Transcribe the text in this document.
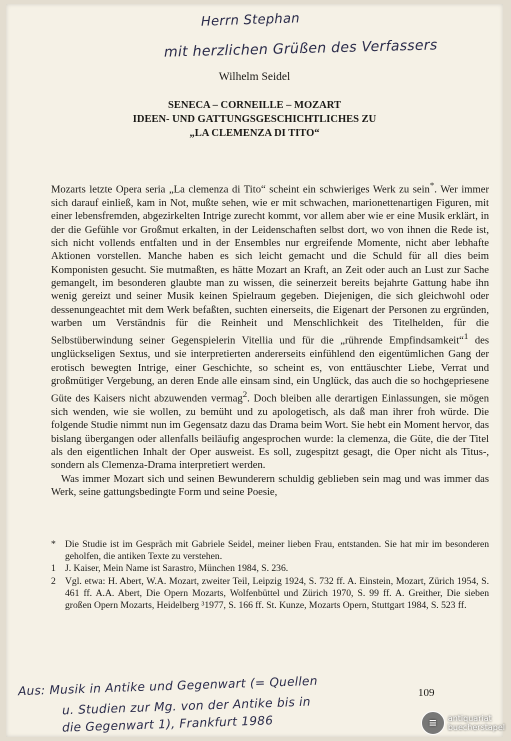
Herrn Stephan
mit herzlichen Grüßen des Verfassers
Wilhelm Seidel
SENECA – CORNEILLE – MOZART
IDEEN- UND GATTUNGSGESCHICHTLICHES ZU
„LA CLEMENZA DI TITO“

Mozarts letzte Opera seria „La clemenza di Tito“ scheint ein schwieriges Werk zu sein*. Wer immer sich darauf einließ, kam in Not, mußte sehen, wie er mit schwachen, marionettenartigen Figuren, mit einer lebensfremden, abgezirkelten Intrige zurecht kommt, vor allem aber wie er eine Musik erklärt, in der die Gefühle vor Großmut erkalten, in der Leidenschaften selbst dort, wo von ihnen die Rede ist, sich nicht vollends entfalten und in der Ensembles nur ergreifende Momente, nicht aber lebhafte Aktionen vorstellen. Manche haben es sich leicht gemacht und die Schuld für all dies beim Komponisten gesucht. Sie mutmaßten, es hätte Mozart an Kraft, an Zeit oder auch an Lust zur Sache gemangelt, im besonderen glaubte man zu wissen, die seinerzeit bereits bejahrte Gattung habe ihn wenig gereizt und seiner Musik keinen Spielraum gegeben. Diejenigen, die sich gleichwohl oder dessenungeachtet mit dem Werk befaßten, suchten einerseits, die Eigenart der Personen zu ergründen, warben um Verständnis für die Reinheit und Menschlichkeit des Titelhelden, für die Selbstüberwindung seiner Gegenspielerin Vitellia und für die „rührende Empfindsamkeit“$^1$ des unglückseligen Sextus, und sie interpretierten andererseits einfühlend den eigentümlichen Gang der erotisch bewegten Intrige, einer Geschichte, so scheint es, von enttäuschter Liebe, Verrat und großmütiger Vergebung, an deren Ende alle einsam sind, ein Unglück, das auch die so hochgepriesene Güte des Kaisers nicht abzuwenden vermag$^2$. Doch bleiben alle derartigen Einlassungen, sie mögen sich wenden, wie sie wollen, zu bemüht und zu apologetisch, als daß man ihrer froh würde. Die folgende Studie nimmt nun im Gegensatz dazu das Drama beim Wort. Sie hebt ein Moment hervor, das bislang übergangen oder allenfalls beiläufig angesprochen wurde: la clemenza, die Güte, die der Titel als den eigentlichen Inhalt der Oper ausweist. Es soll, zugespitzt gesagt, die Oper nicht als Titus-, sondern als Clemenza-Drama interpretiert werden.

Was immer Mozart sich und seinen Bewunderern schuldig geblieben sein mag und was immer das Werk, seine gattungsbedingte Form und seine Poesie,

* Die Studie ist im Gespräch mit Gabriele Seidel, meiner lieben Frau, entstanden. Sie hat mir im besonderen geholfen, die antiken Texte zu verstehen.
1 J. Kaiser, Mein Name ist Sarastro, München 1984, S. 236.
2 Vgl. etwa: H. Abert, W.A. Mozart, zweiter Teil, Leipzig 1924, S. 732 ff. A. Einstein, Mozart, Zürich 1954, S. 461 ff. A.A. Abert, Die Opern Mozarts, Wolfenbüttel und Zürich 1970, S. 99 ff. A. Greither, Die sieben großen Opern Mozarts, Heidelberg ³1977, S. 166 ff. St. Kunze, Mozarts Opern, Stuttgart 1984, S. 523 ff.
Aus: Musik in Antike und Gegenwart (= Quellen
u. Studien zur Mg. von der Antike bis in
die Gegenwart 1), Frankfurt 1986
109
≡	antiquariat
buecherstapel
